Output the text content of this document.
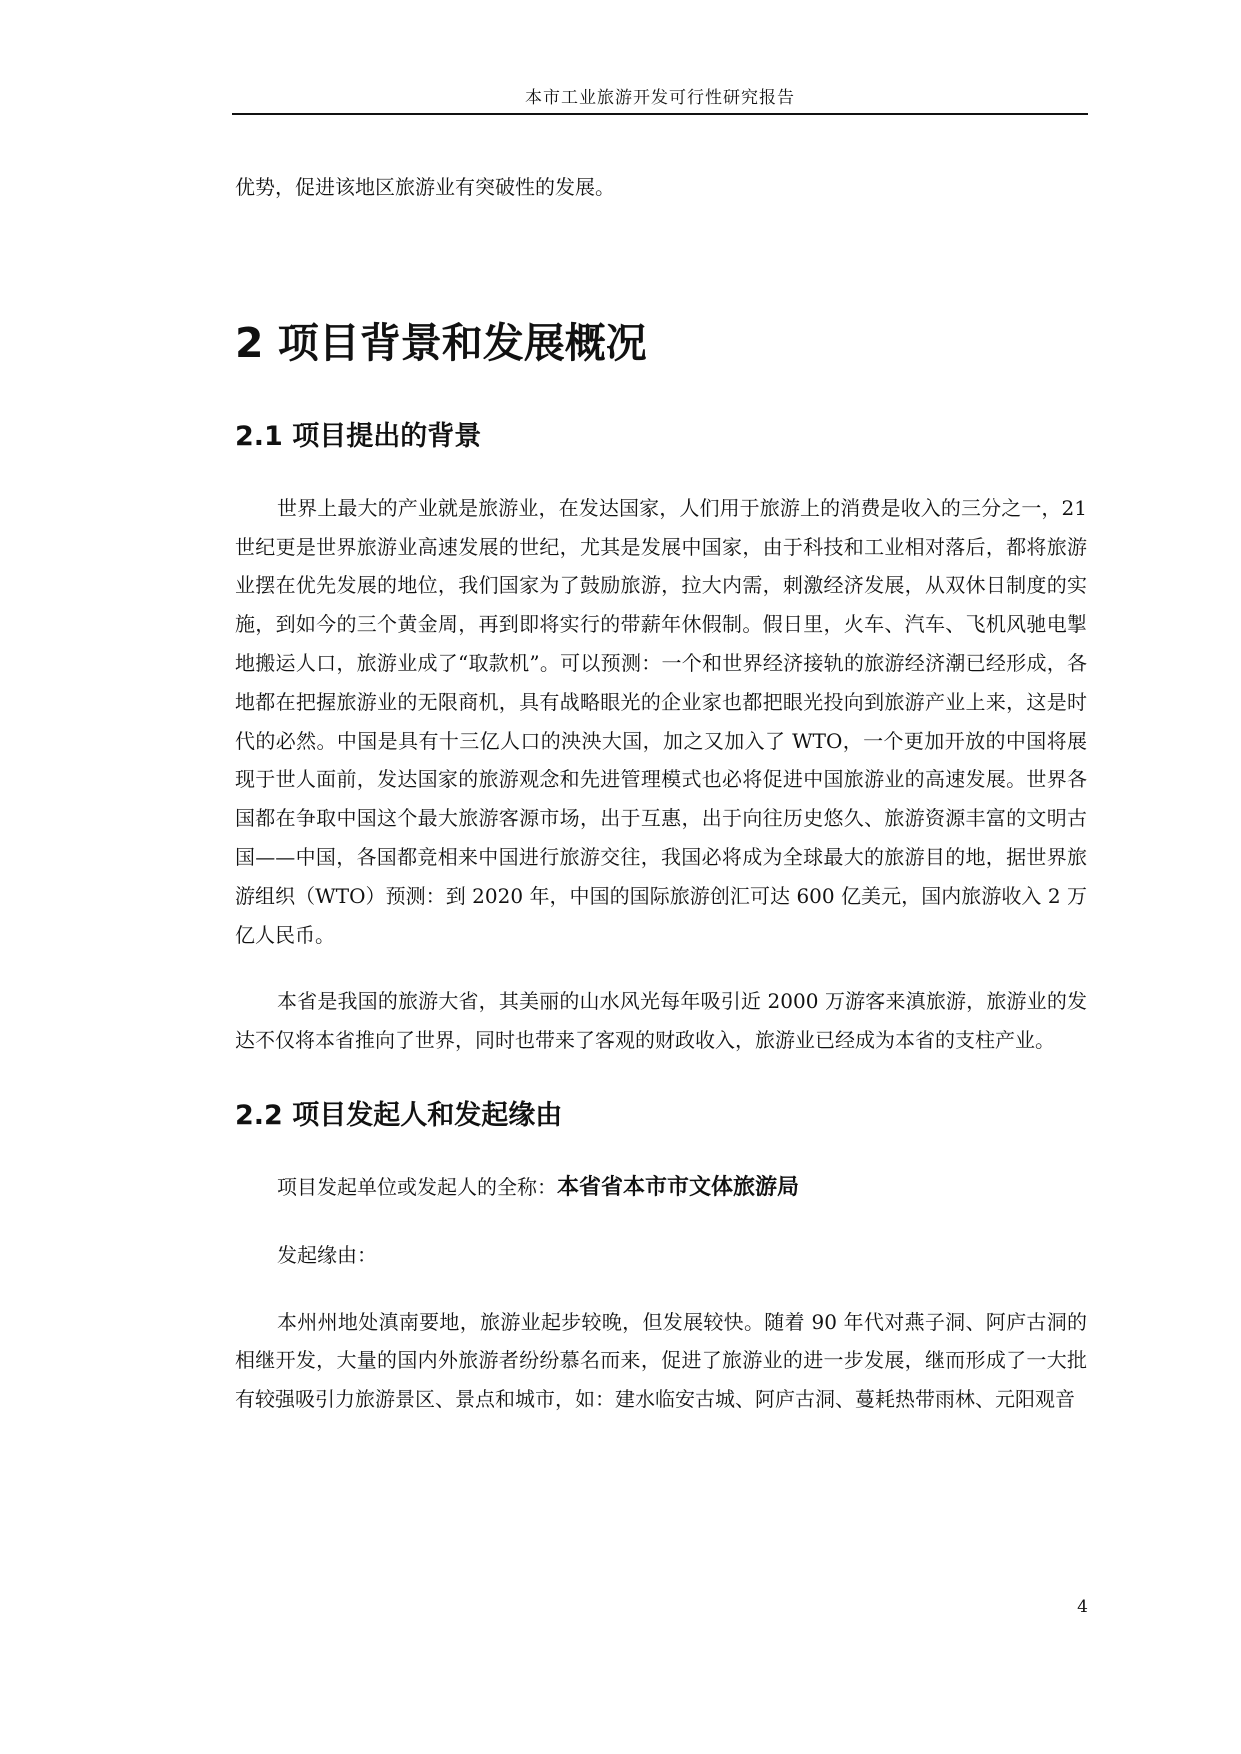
本市工业旅游开发可行性研究报告

优势，促进该地区旅游业有突破性的发展。

2 项目背景和发展概况
2.1 项目提出的背景

世界上最大的产业就是旅游业，在发达国家，人们用于旅游上的消费是收入的三分之一，21世纪更是世界旅游业高速发展的世纪，尤其是发展中国家，由于科技和工业相对落后，都将旅游业摆在优先发展的地位，我们国家为了鼓励旅游，拉大内需，刺激经济发展，从双休日制度的实施，到如今的三个黄金周，再到即将实行的带薪年休假制。假日里，火车、汽车、飞机风驰电掣地搬运人口，旅游业成了“取款机”。可以预测：一个和世界经济接轨的旅游经济潮已经形成，各地都在把握旅游业的无限商机，具有战略眼光的企业家也都把眼光投向到旅游产业上来，这是时代的必然。中国是具有十三亿人口的泱泱大国，加之又加入了 WTO，一个更加开放的中国将展现于世人面前，发达国家的旅游观念和先进管理模式也必将促进中国旅游业的高速发展。世界各国都在争取中国这个最大旅游客源市场，出于互惠，出于向往历史悠久、旅游资源丰富的文明古国——中国，各国都竞相来中国进行旅游交往，我国必将成为全球最大的旅游目的地，据世界旅游组织（WTO）预测：到 2020 年，中国的国际旅游创汇可达 600 亿美元，国内旅游收入 2 万亿人民币。

本省是我国的旅游大省，其美丽的山水风光每年吸引近 2000 万游客来滇旅游，旅游业的发达不仅将本省推向了世界，同时也带来了客观的财政收入，旅游业已经成为本省的支柱产业。

2.2 项目发起人和发起缘由

项目发起单位或发起人的全称：本省省本市市文体旅游局

发起缘由：

本州州地处滇南要地，旅游业起步较晚，但发展较快。随着 90 年代对燕子洞、阿庐古洞的相继开发，大量的国内外旅游者纷纷慕名而来，促进了旅游业的进一步发展，继而形成了一大批有较强吸引力旅游景区、景点和城市，如：建水临安古城、阿庐古洞、蔓耗热带雨林、元阳观音

4
